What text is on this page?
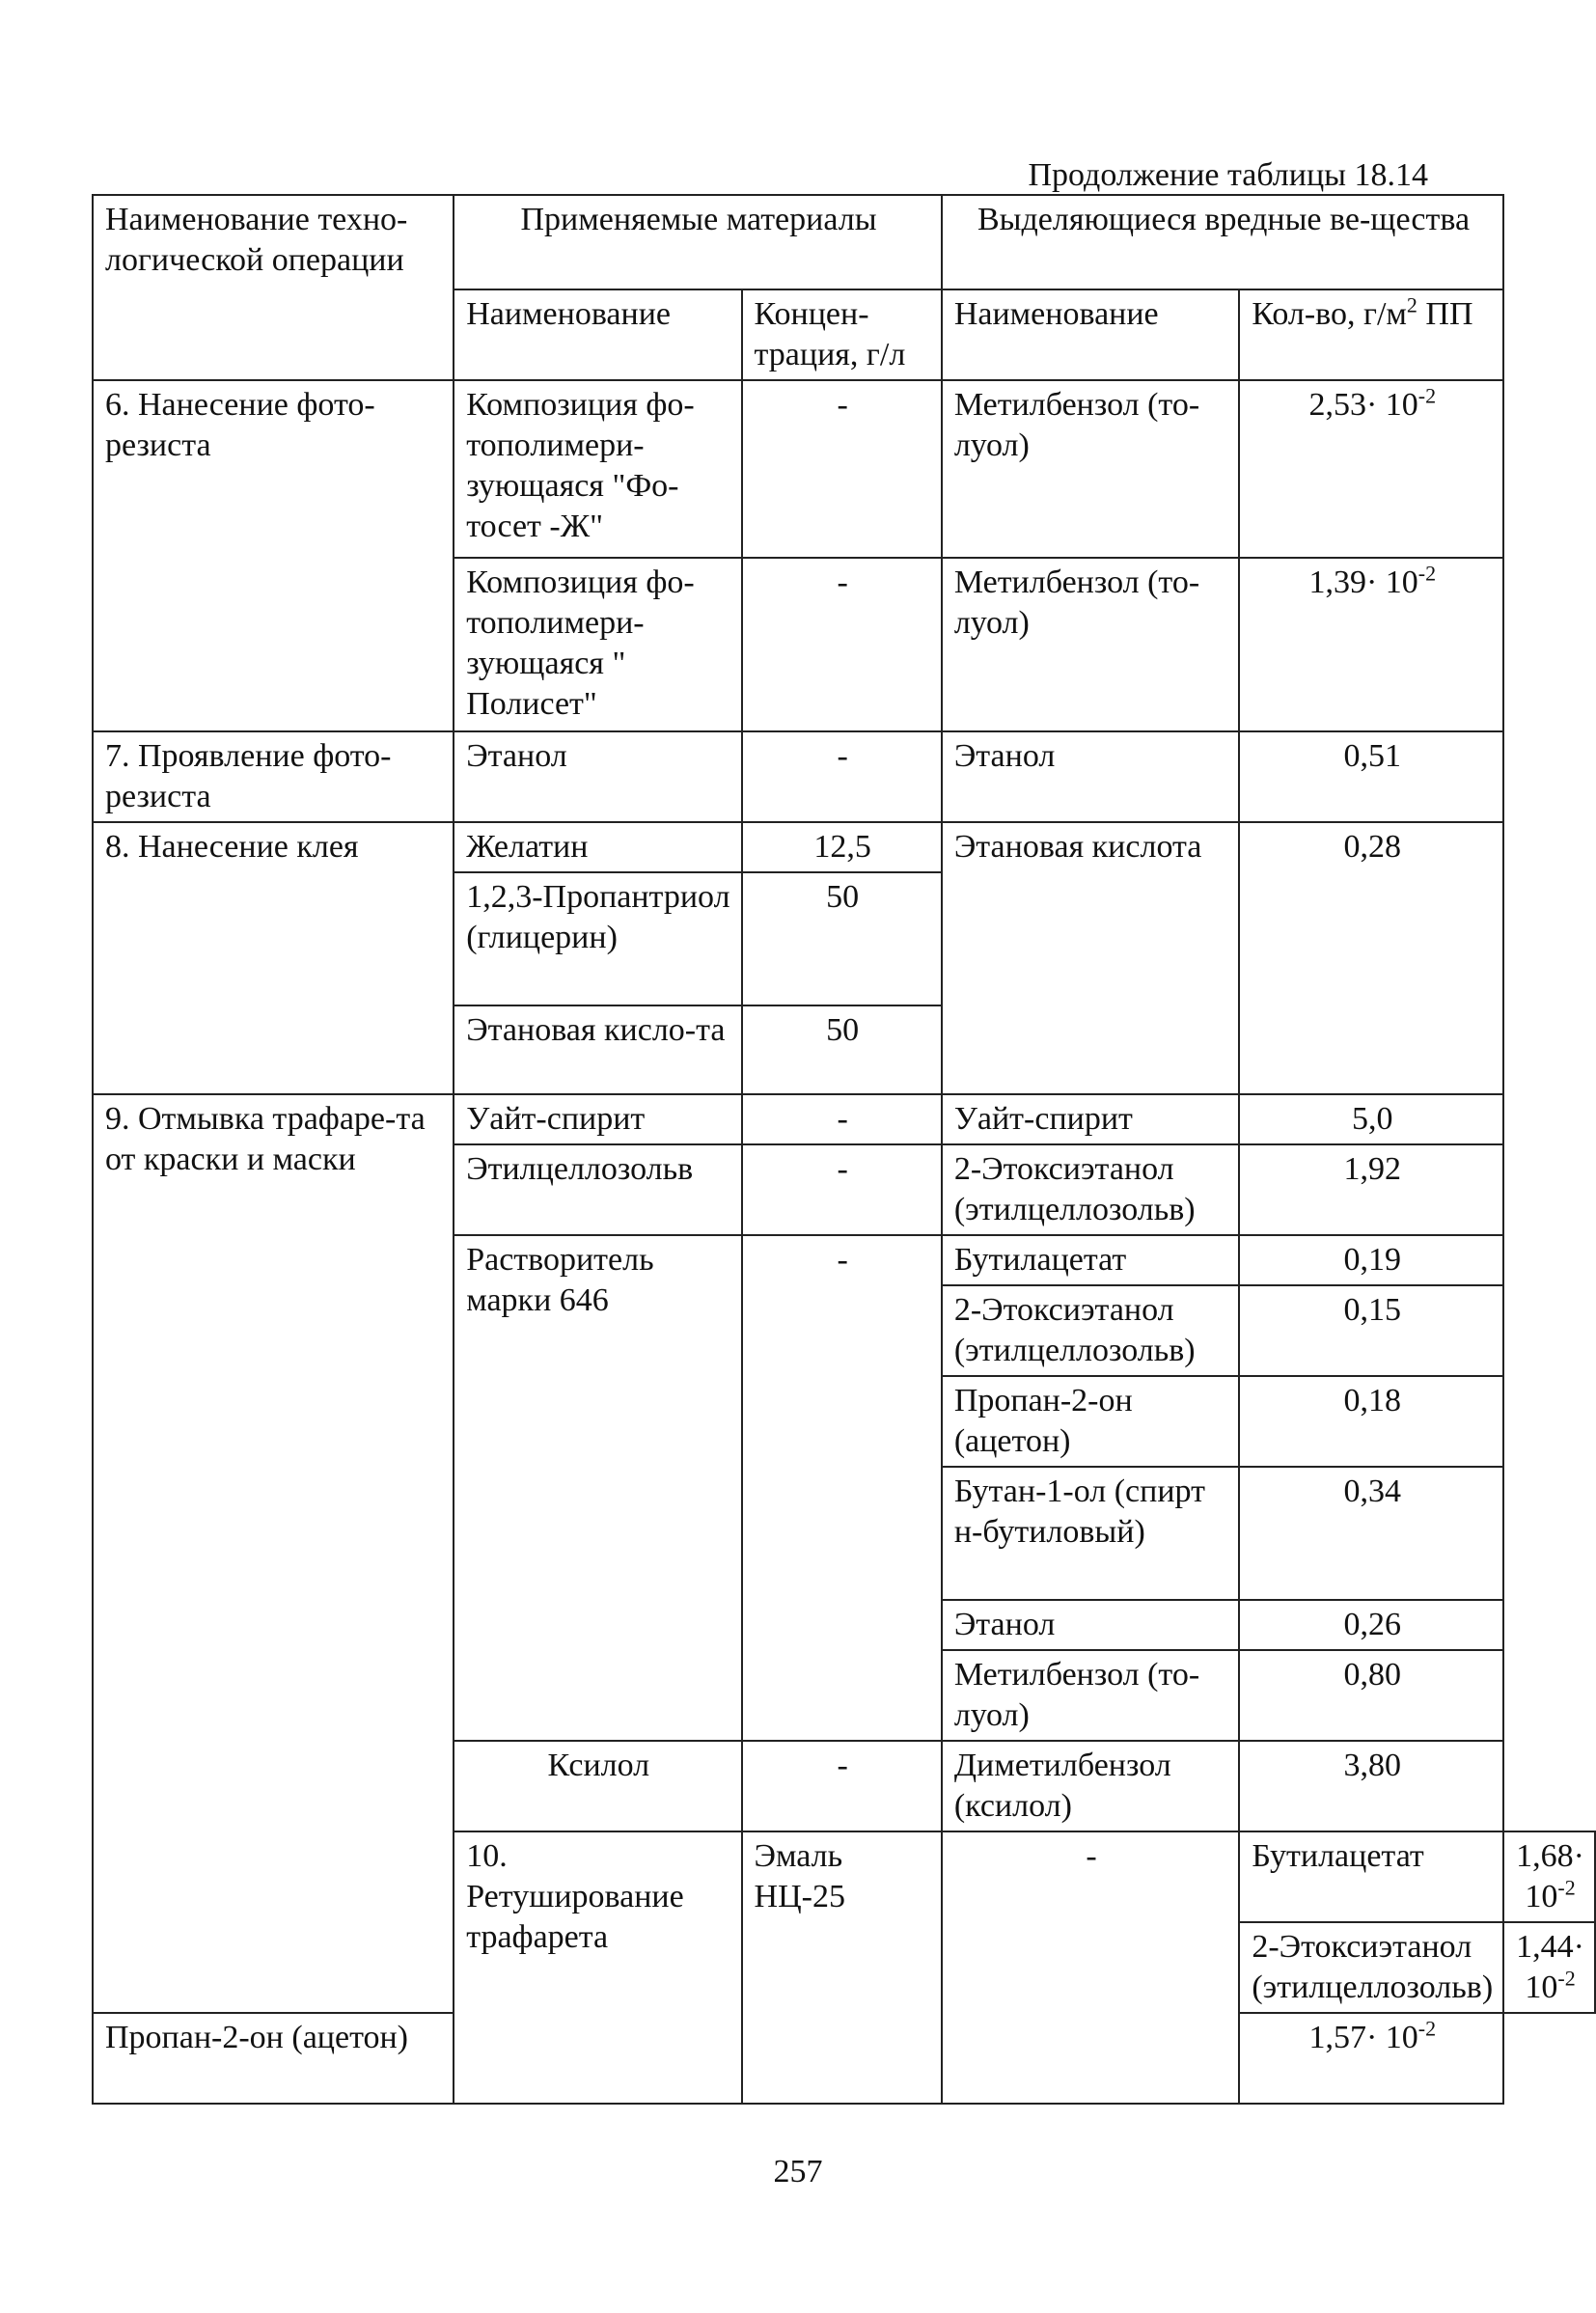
Продолжение таблицы 18.14
Наименование техно-логической операции	Применяемые материалы		Выделяющиеся вредные ве-щества		
	Наименование	Концен-трация, г/л	Наименование	Кол-во, $г/м^2$ ПП	
6. Нанесение фото-резиста	Композиция фо-тополимери-зующаяся "Фо-тосет -Ж"	-	Метилбензол (то-луол)	$2,53\cdot 10^{-2}$
	Композиция фо-тополимери-зующаяся " Полисет"	-	Метилбензол (то-луол)	$1,39\cdot 10^{-2}$
7. Проявление фото-резиста	Этанол	-	Этанол	0,51	
8. Нанесение клея	Желатин	12,5	Этановая кислота	0,28	
	1,2,3-Пропантриол (глицерин)	50			
	Этановая кисло-та	50			
9. Отмывка трафаре-та от краски и маски	Уайт-спирит	-	Уайт-спирит	5,0	
	Этилцеллозольв	-	2-Этоксиэтанол (этилцеллозольв)	1,92	
	Растворитель марки 646	-	Бутилацетат	0,19	
			2-Этоксиэтанол (этилцеллозольв)	0,15	
			Пропан-2-он (ацетон)	0,18	
			Бутан-1-ол (спирт н-бутиловый)	0,34	
			Этанол	0,26	
			Метилбензол (то-луол)	0,80	
	Ксилол	-	Диметилбензол (ксилол)	3,80	
	10. Ретуширование трафарета	Эмаль НЦ-25	-	Бутилацетат	$1,68\cdot 10^{-2}$
				2-Этоксиэтанол (этилцеллозольв)	$1,44\cdot 10^{-2}$
Пропан-2-он (ацетон)				$1,57\cdot 10^{-2}$
257
